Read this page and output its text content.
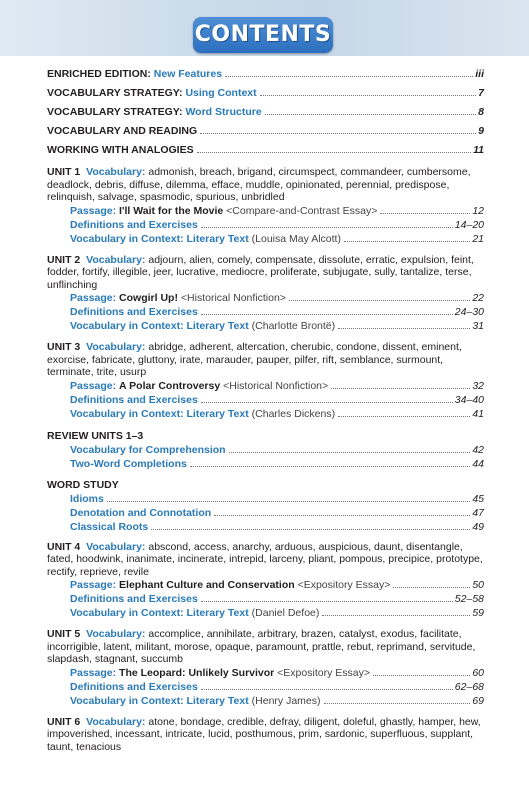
CONTENTS
ENRICHED EDITION: New Features	iii
VOCABULARY STRATEGY: Using Context	7
VOCABULARY STRATEGY: Word Structure	8
VOCABULARY AND READING	9
WORKING WITH ANALOGIES	11
UNIT 1 Vocabulary: admonish, breach, brigand, circumspect, commandeer, cumbersome, deadlock, debris, diffuse, dilemma, efface, muddle, opinionated, perennial, predispose, relinquish, salvage, spasmodic, spurious, unbridled
Passage: I'll Wait for the Movie <Compare-and-Contrast Essay>	12
Definitions and Exercises	14–20
Vocabulary in Context: Literary Text (Louisa May Alcott)	21
UNIT 2 Vocabulary: adjourn, alien, comely, compensate, dissolute, erratic, expulsion, feint, fodder, fortify, illegible, jeer, lucrative, mediocre, proliferate, subjugate, sully, tantalize, terse, unflinching
Passage: Cowgirl Up! <Historical Nonfiction>	22
Definitions and Exercises	24–30
Vocabulary in Context: Literary Text (Charlotte Brontë)	31
UNIT 3 Vocabulary: abridge, adherent, altercation, cherubic, condone, dissent, eminent, exorcise, fabricate, gluttony, irate, marauder, pauper, pilfer, rift, semblance, surmount, terminate, trite, usurp
Passage: A Polar Controversy <Historical Nonfiction>	32
Definitions and Exercises	34–40
Vocabulary in Context: Literary Text (Charles Dickens)	41
REVIEW UNITS 1–3
Vocabulary for Comprehension	42
Two-Word Completions	44
WORD STUDY
Idioms	45
Denotation and Connotation	47
Classical Roots	49
UNIT 4 Vocabulary: abscond, access, anarchy, arduous, auspicious, daunt, disentangle, fated, hoodwink, inanimate, incinerate, intrepid, larceny, pliant, pompous, precipice, prototype, rectify, reprieve, revile
Passage: Elephant Culture and Conservation <Expository Essay>	50
Definitions and Exercises	52–58
Vocabulary in Context: Literary Text (Daniel Defoe)	59
UNIT 5 Vocabulary: accomplice, annihilate, arbitrary, brazen, catalyst, exodus, facilitate, incorrigible, latent, militant, morose, opaque, paramount, prattle, rebut, reprimand, servitude, slapdash, stagnant, succumb
Passage: The Leopard: Unlikely Survivor <Expository Essay>	60
Definitions and Exercises	62–68
Vocabulary in Context: Literary Text (Henry James)	69
UNIT 6 Vocabulary: atone, bondage, credible, defray, diligent, doleful, ghastly, hamper, hew, impoverished, incessant, intricate, lucid, posthumous, prim, sardonic, superfluous, supplant, taunt, tenacious
